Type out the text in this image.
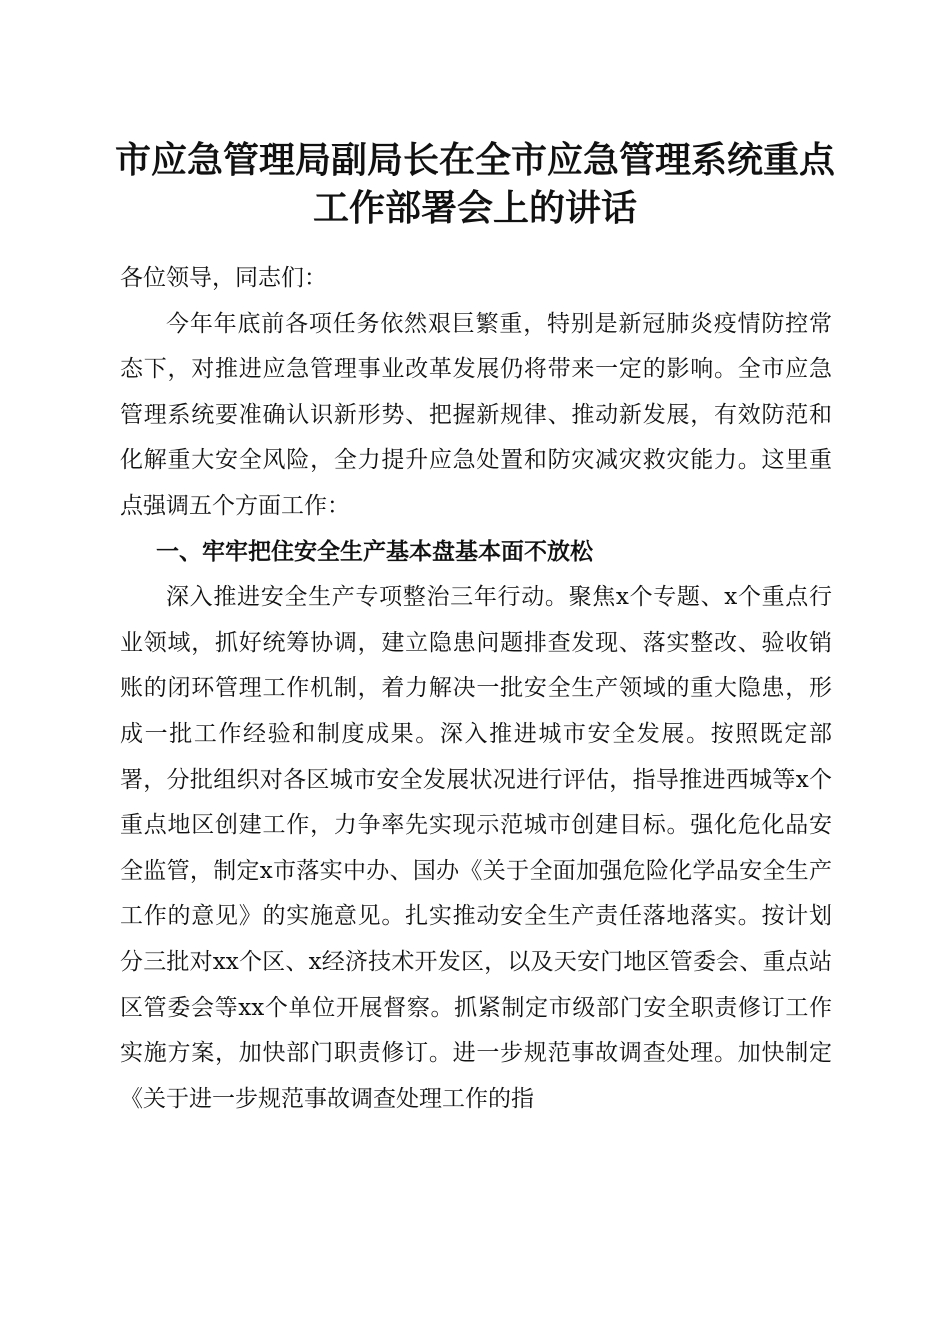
市应急管理局副局长在全市应急管理系统重点
工作部署会上的讲话

各位领导，同志们：

今年年底前各项任务依然艰巨繁重，特别是新冠肺炎疫情防控常态下，对推进应急管理事业改革发展仍将带来一定的影响。全市应急管理系统要准确认识新形势、把握新规律、推动新发展，有效防范和化解重大安全风险，全力提升应急处置和防灾减灾救灾能力。这里重点强调五个方面工作：

一、牢牢把住安全生产基本盘基本面不放松

深入推进安全生产专项整治三年行动。聚焦x个专题、x个重点行业领域，抓好统筹协调，建立隐患问题排查发现、落实整改、验收销账的闭环管理工作机制，着力解决一批安全生产领域的重大隐患，形成一批工作经验和制度成果。深入推进城市安全发展。按照既定部署，分批组织对各区城市安全发展状况进行评估，指导推进西城等x个重点地区创建工作，力争率先实现示范城市创建目标。强化危化品安全监管，制定x市落实中办、国办《关于全面加强危险化学品安全生产工作的意见》的实施意见。扎实推动安全生产责任落地落实。按计划分三批对xx个区、x经济技术开发区，以及天安门地区管委会、重点站区管委会等xx个单位开展督察。抓紧制定市级部门安全职责修订工作实施方案，加快部门职责修订。进一步规范事故调查处理。加快制定《关于进一步规范事故调查处理工作的指
